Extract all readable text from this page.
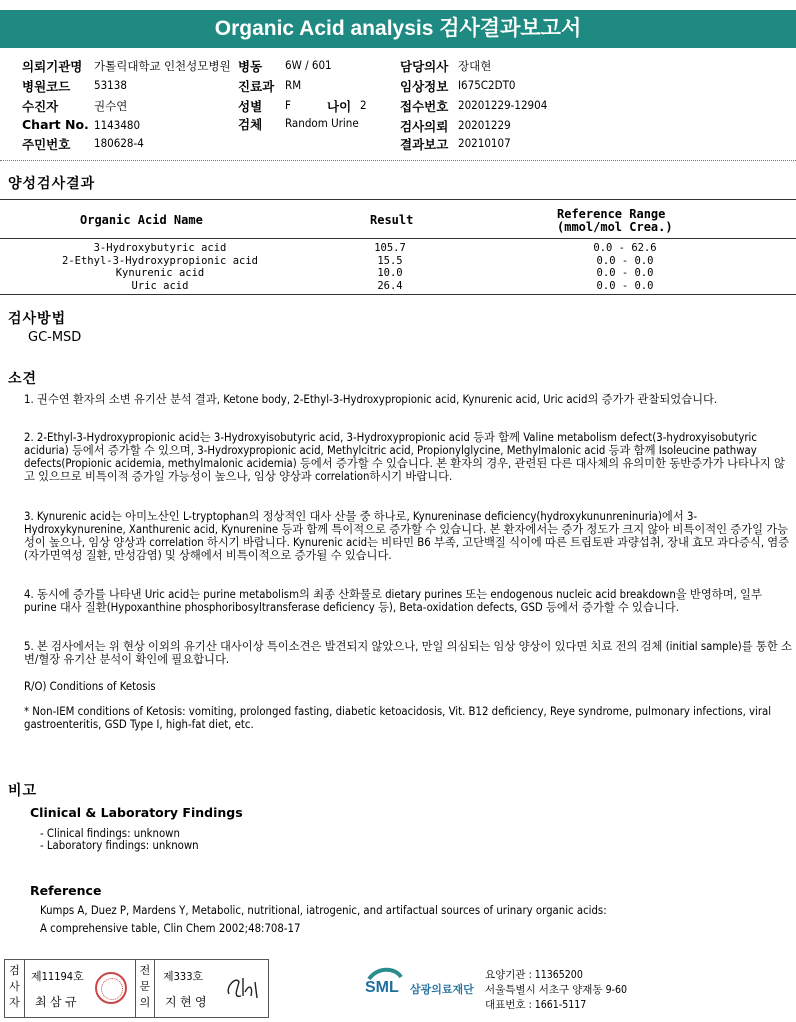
Organic Acid analysis 검사결과보고서
의뢰기관명 가톨릭대학교 인천성모병원 병동 6W / 601	담당의사 장대현
병원코드 53138	진료과 RM	임상정보 I675C2DT0
수진자	권수연	성별 F	나이 2	접수번호 20201229-12904
Chart No. 1143480	검체 Random Urine	검사의뢰 20201229
주민번호 180628-4	결과보고 20210107
양성검사결과
Organic Acid Name	Result	Reference Range
(mmol/mol Crea.)
3-Hydroxybutyric acid	105.7	0.0 - 62.6
2-Ethyl-3-Hydroxypropionic acid	15.5	0.0 - 0.0
Kynurenic acid	10.0	0.0 - 0.0
Uric acid	26.4	0.0 - 0.0
검사방법
GC-MSD
소견
1. 권수연 환자의 소변 유기산 분석 결과, Ketone body, 2-Ethyl-3-Hydroxypropionic acid, Kynurenic acid, Uric acid의 증가가 관찰되었습니다.
2. 2-Ethyl-3-Hydroxypropionic acid는 3-Hydroxyisobutyric acid, 3-Hydroxypropionic acid 등과 함께 Valine metabolism defect(3-hydroxyisobutyric aciduria) 등에서 증가할 수 있으며, 3-Hydroxypropionic acid, Methylcitric acid, Propionylglycine, Methylmalonic acid 등과 함께 Isoleucine pathway defects(Propionic acidemia, methylmalonic acidemia) 등에서 증가할 수 있습니다. 본 환자의 경우, 관련된 다른 대사체의 유의미한 동반증가가 나타나지 않고 있으므로 비특이적 증가일 가능성이 높으나, 임상 양상과 correlation하시기 바랍니다.
3. Kynurenic acid는 아미노산인 L-tryptophan의 정상적인 대사 산물 중 하나로, Kynureninase deficiency(hydroxykununreninuria)에서 3-Hydroxykynurenine, Xanthurenic acid, Kynurenine 등과 함께 특이적으로 증가할 수 있습니다. 본 환자에서는 증가 정도가 크지 않아 비특이적인 증가일 가능성이 높으나, 임상 양상과 correlation 하시기 바랍니다. Kynurenic acid는 비타민 B6 부족, 고단백질 식이에 따른 트립토판 과량섭취, 장내 효모 과다증식, 염증(자가면역성 질환, 만성감염) 및 상해에서 비특이적으로 증가될 수 있습니다.
4. 동시에 증가를 나타낸 Uric acid는 purine metabolism의 최종 산화물로 dietary purines 또는 endogenous nucleic acid breakdown을 반영하며, 일부 purine 대사 질환(Hypoxanthine phosphoribosyltransferase deficiency 등), Beta-oxidation defects, GSD 등에서 증가할 수 있습니다.
5. 본 검사에서는 위 현상 이외의 유기산 대사이상 특이소견은 발견되지 않았으나, 만일 의심되는 임상 양상이 있다면 치료 전의 검체 (initial sample)를 통한 소변/혈장 유기산 분석이 확인에 필요합니다.
R/O) Conditions of Ketosis
* Non-IEM conditions of Ketosis: vomiting, prolonged fasting, diabetic ketoacidosis, Vit. B12 deficiency, Reye syndrome, pulmonary infections, viral gastroenteritis, GSD Type I, high-fat diet, etc.
비고
Clinical & Laboratory Findings
- Clinical findings: unknown
- Laboratory findings: unknown
Reference
Kumps A, Duez P, Mardens Y, Metabolic, nutritional, iatrogenic, and artifactual sources of urinary organic acids:
A comprehensive table, Clin Chem 2002;48:708-17
검사자
제11194호
최 삼 규
전문의
제333호
지 현 영
SML 삼광의료재단
요양기관 : 11365200
서울특별시 서초구 양재동 9-60
대표번호 : 1661-5117
